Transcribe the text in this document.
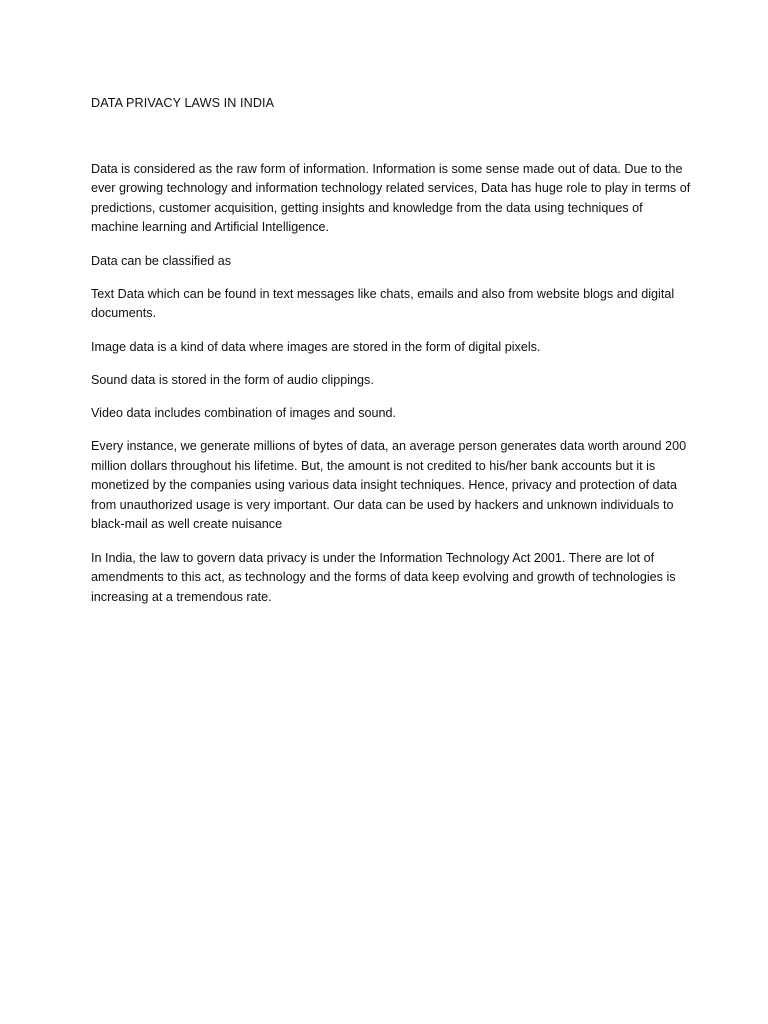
DATA PRIVACY LAWS IN INDIA

Data is considered as the raw form of information. Information is some sense made out of data. Due to the ever growing technology and information technology related services, Data has huge role to play in terms of predictions, customer acquisition, getting insights and knowledge from the data using techniques of machine learning and Artificial Intelligence.

Data can be classified as

Text Data which can be found in text messages like chats, emails and also from website blogs and digital documents.

Image data is a kind of data where images are stored in the form of digital pixels.

Sound data is stored in the form of audio clippings.

Video data includes combination of images and sound.

Every instance, we generate millions of bytes of data, an average person generates data worth around 200 million dollars throughout his lifetime. But, the amount is not credited to his/her bank accounts but it is monetized by the companies using various data insight techniques. Hence, privacy and protection of data from unauthorized usage is very important. Our data can be used by hackers and unknown individuals to black-mail as well create nuisance

In India, the law to govern data privacy is under the Information Technology Act 2001. There are lot of amendments to this act, as technology and the forms of data keep evolving and growth of technologies is increasing at a tremendous rate.
